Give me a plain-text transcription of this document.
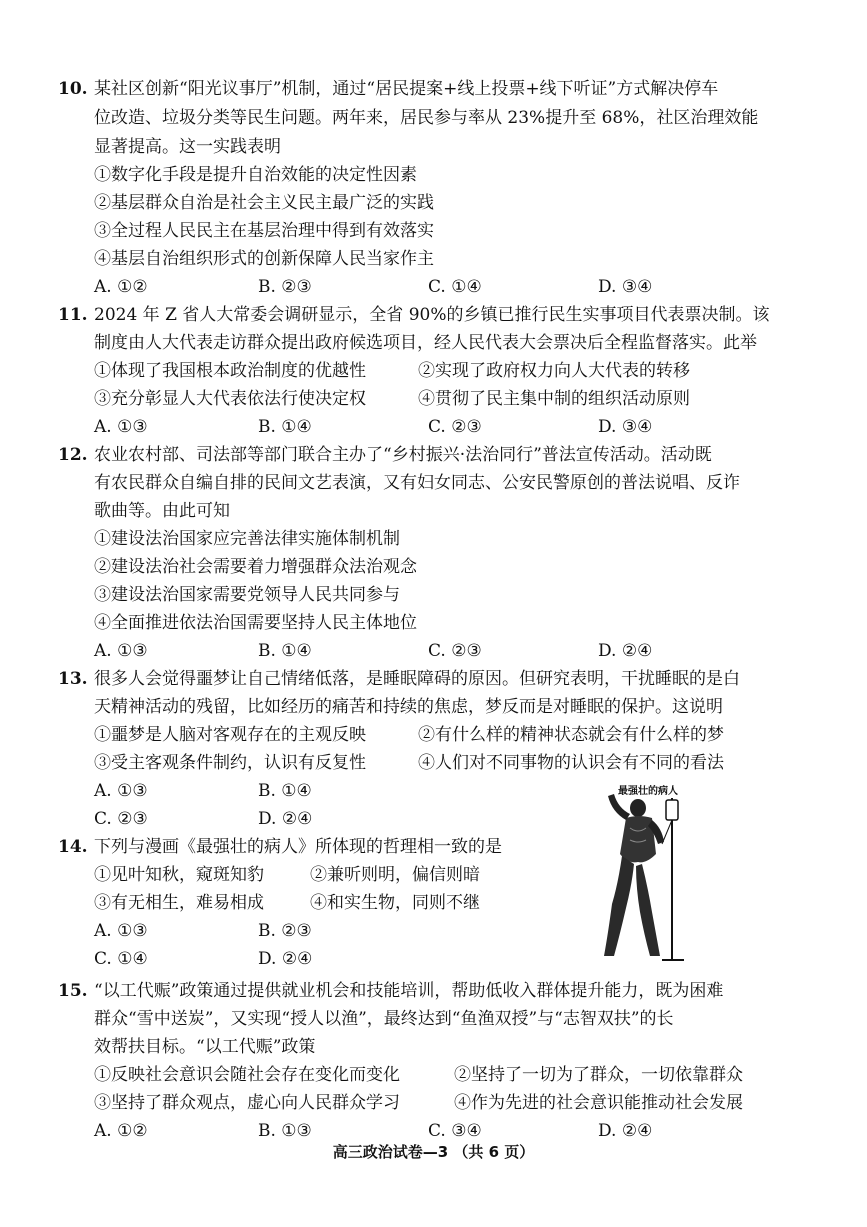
10. 某社区创新“阳光议事厅”机制，通过“居民提案+线上投票+线下听证”方式解决停车
位改造、垃圾分类等民生问题。两年来，居民参与率从 23%提升至 68%，社区治理效能
显著提高。这一实践表明
①数字化手段是提升自治效能的决定性因素
②基层群众自治是社会主义民主最广泛的实践
③全过程人民民主在基层治理中得到有效落实
④基层自治组织形式的创新保障人民当家作主
A. ①②	B. ②③	C. ①④	D. ③④
11. 2024 年 Z 省人大常委会调研显示，全省 90%的乡镇已推行民生实事项目代表票决制。该
制度由人大代表走访群众提出政府候选项目，经人民代表大会票决后全程监督落实。此举
①体现了我国根本政治制度的优越性	②实现了政府权力向人大代表的转移
③充分彰显人大代表依法行使决定权	④贯彻了民主集中制的组织活动原则
A. ①③	B. ①④	C. ②③	D. ③④
12. 农业农村部、司法部等部门联合主办了“乡村振兴·法治同行”普法宣传活动。活动既
有农民群众自编自排的民间文艺表演，又有妇女同志、公安民警原创的普法说唱、反诈
歌曲等。由此可知
①建设法治国家应完善法律实施体制机制
②建设法治社会需要着力增强群众法治观念
③建设法治国家需要党领导人民共同参与
④全面推进依法治国需要坚持人民主体地位
A. ①③	B. ①④	C. ②③	D. ②④
13. 很多人会觉得噩梦让自己情绪低落，是睡眠障碍的原因。但研究表明，干扰睡眠的是白
天精神活动的残留，比如经历的痛苦和持续的焦虑，梦反而是对睡眠的保护。这说明
①噩梦是人脑对客观存在的主观反映	②有什么样的精神状态就会有什么样的梦
③受主客观条件制约，认识有反复性	④人们对不同事物的认识会有不同的看法
A. ①③	B. ①④
C. ②③	D. ②④
14. 下列与漫画《最强壮的病人》所体现的哲理相一致的是
①见叶知秋，窥斑知豹	②兼听则明，偏信则暗
③有无相生，难易相成	④和实生物，同则不继
A. ①③	B. ②③
C. ①④	D. ②④
最强壮的病人
15. “以工代赈”政策通过提供就业机会和技能培训，帮助低收入群体提升能力，既为困难
群众“雪中送炭”，又实现“授人以渔”，最终达到“鱼渔双授”与“志智双扶”的长
效帮扶目标。“以工代赈”政策
①反映社会意识会随社会存在变化而变化	②坚持了一切为了群众，一切依靠群众
③坚持了群众观点，虚心向人民群众学习	④作为先进的社会意识能推动社会发展
A. ①②	B. ①③	C. ③④	D. ②④
高三政治试卷—3 （共 6 页）
